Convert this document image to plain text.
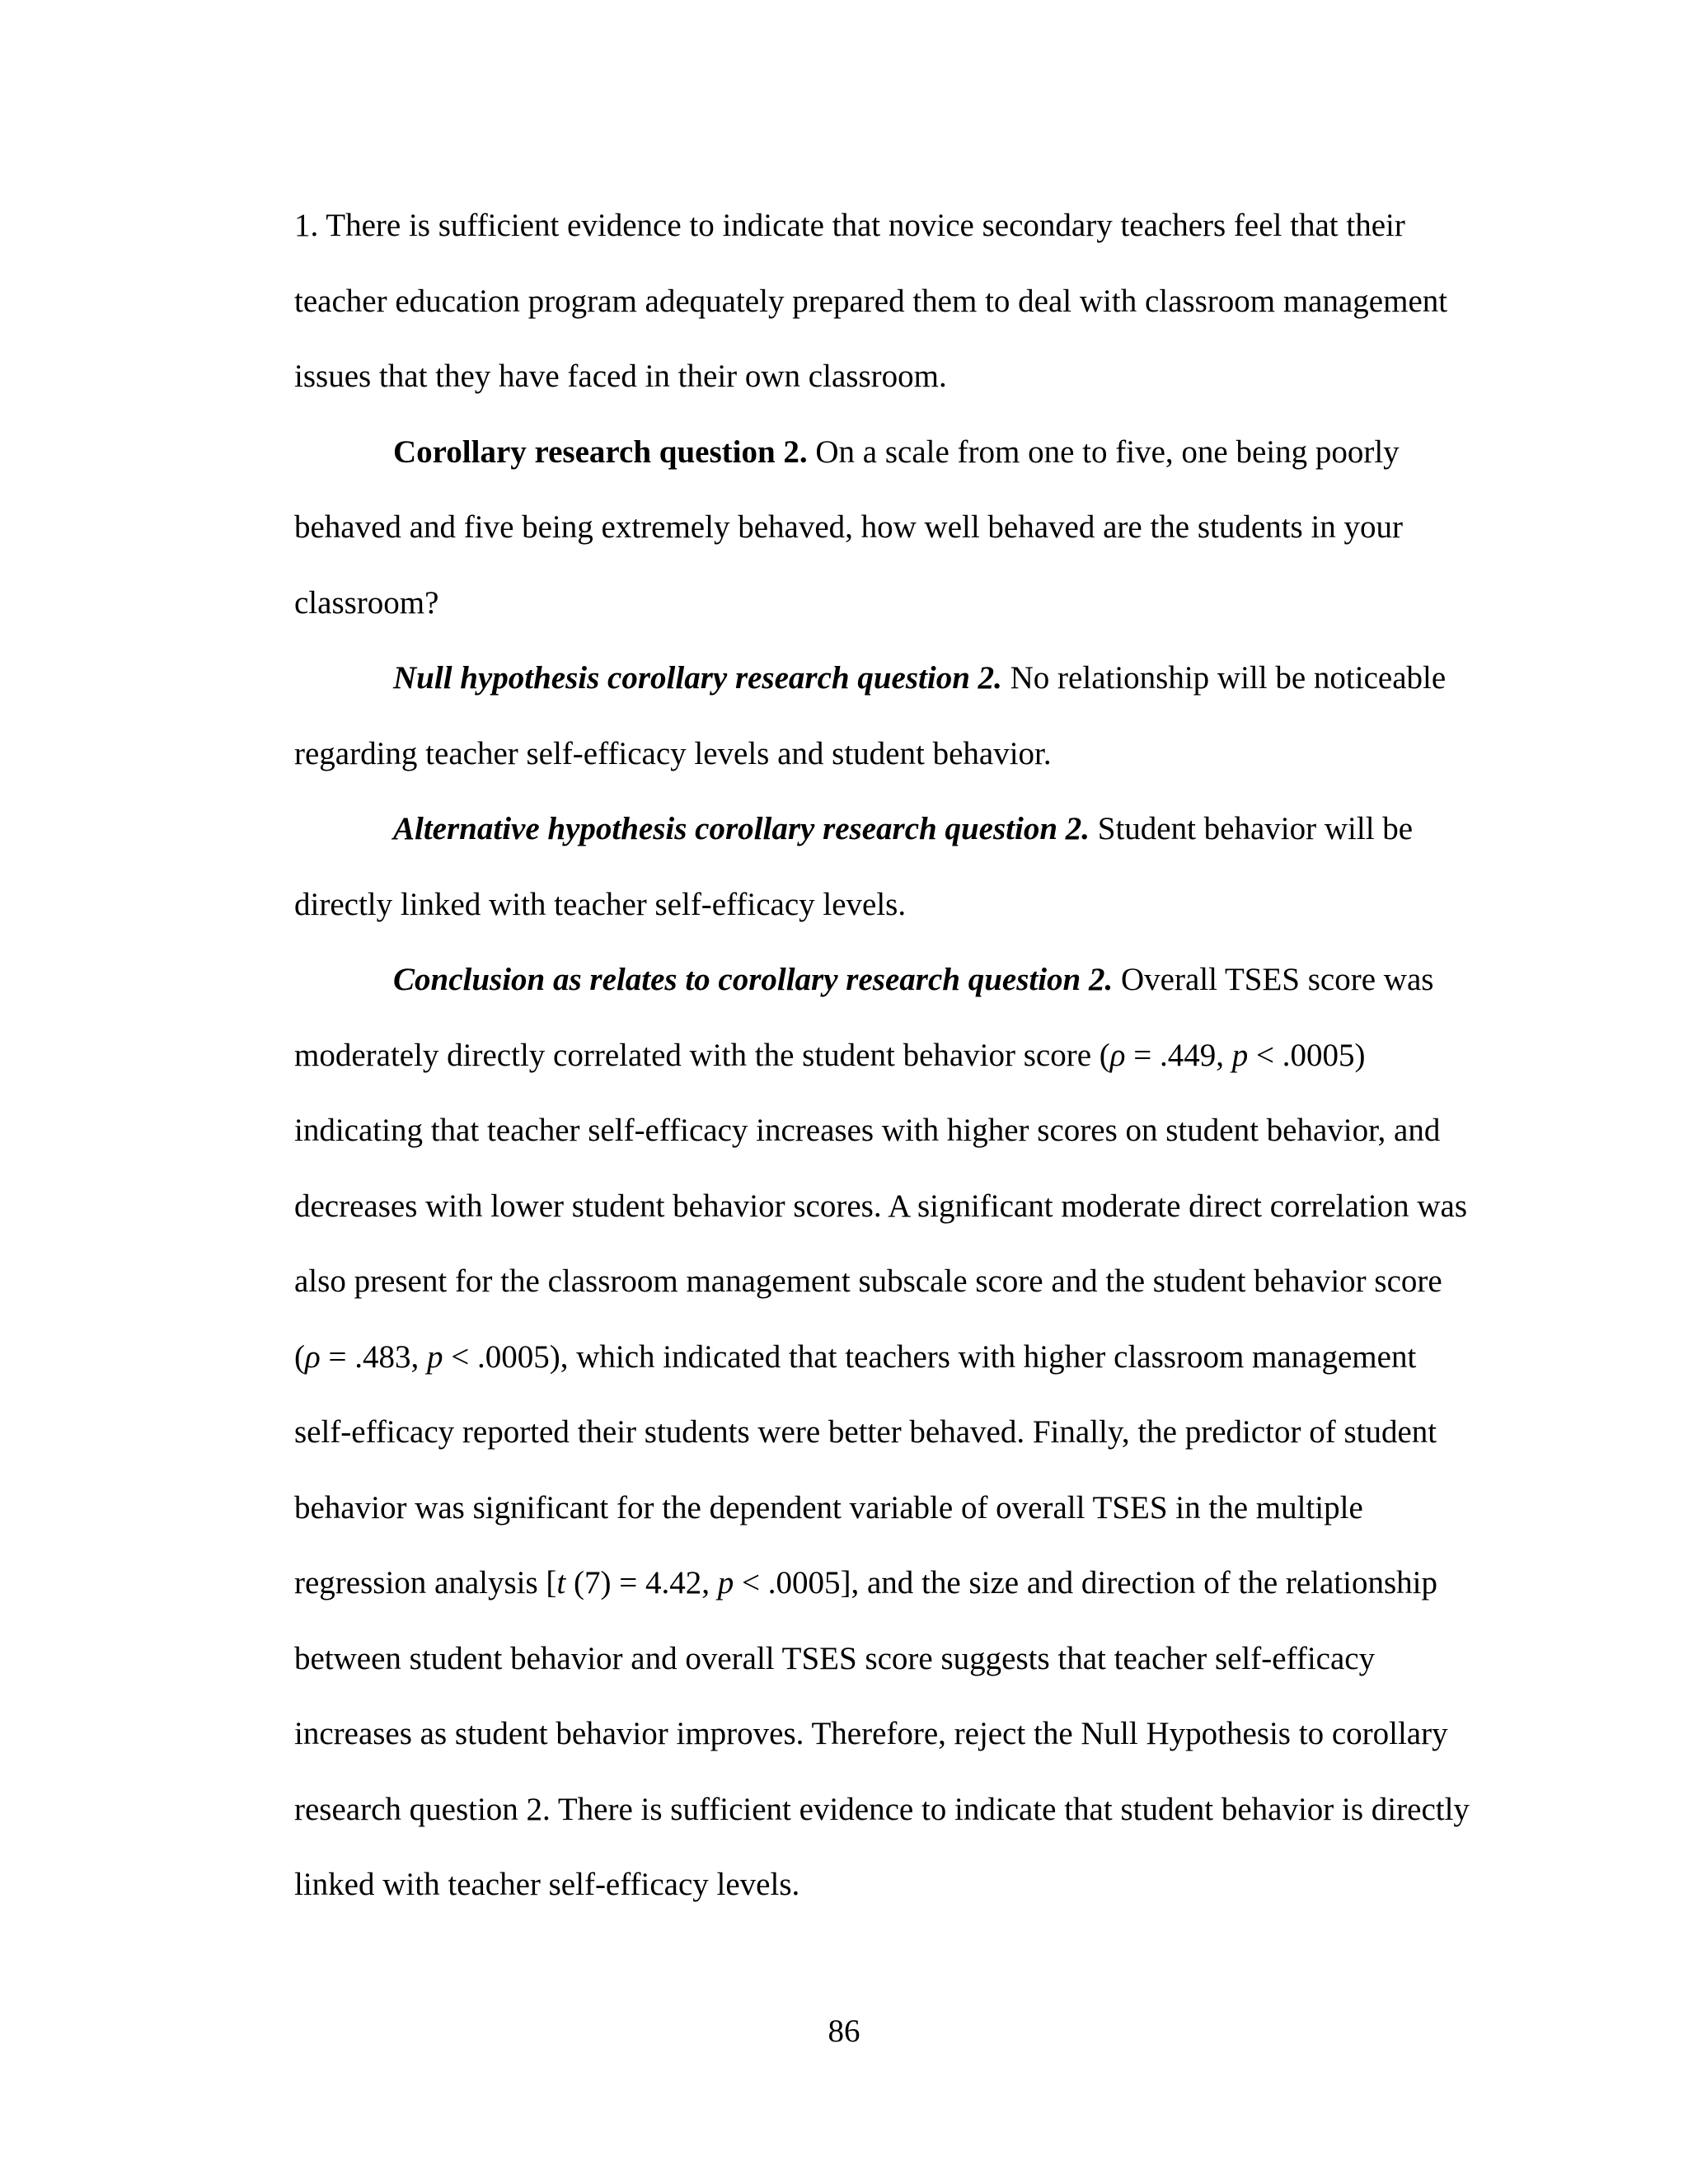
1. There is sufficient evidence to indicate that novice secondary teachers feel that their teacher education program adequately prepared them to deal with classroom management issues that they have faced in their own classroom.

Corollary research question 2. On a scale from one to five, one being poorly behaved and five being extremely behaved, how well behaved are the students in your classroom?

Null hypothesis corollary research question 2. No relationship will be noticeable regarding teacher self-efficacy levels and student behavior.

Alternative hypothesis corollary research question 2. Student behavior will be directly linked with teacher self-efficacy levels.

Conclusion as relates to corollary research question 2. Overall TSES score was moderately directly correlated with the student behavior score (ρ = .449, p < .0005) indicating that teacher self-efficacy increases with higher scores on student behavior, and decreases with lower student behavior scores. A significant moderate direct correlation was also present for the classroom management subscale score and the student behavior score (ρ = .483, p < .0005), which indicated that teachers with higher classroom management self-efficacy reported their students were better behaved. Finally, the predictor of student behavior was significant for the dependent variable of overall TSES in the multiple regression analysis [t (7) = 4.42, p < .0005], and the size and direction of the relationship between student behavior and overall TSES score suggests that teacher self-efficacy increases as student behavior improves. Therefore, reject the Null Hypothesis to corollary research question 2. There is sufficient evidence to indicate that student behavior is directly linked with teacher self-efficacy levels.

86
